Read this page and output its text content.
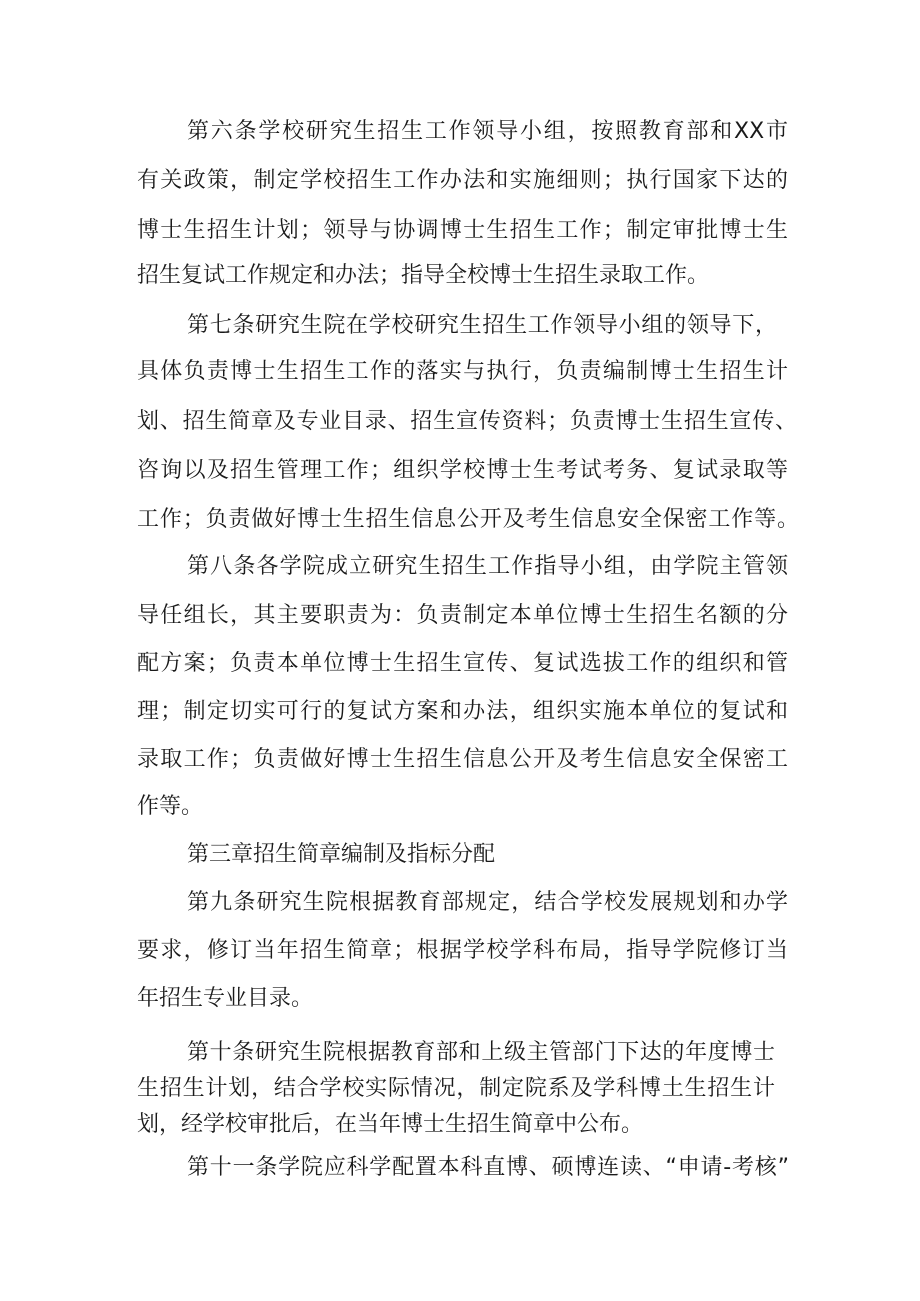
第六条学校研究生招生工作领导小组，按照教育部和XX市
有关政策，制定学校招生工作办法和实施细则；执行国家下达的
博士生招生计划；领导与协调博士生招生工作；制定审批博士生
招生复试工作规定和办法；指导全校博士生招生录取工作。
第七条研究生院在学校研究生招生工作领导小组的领导下，
具体负责博士生招生工作的落实与执行，负责编制博士生招生计
划、招生简章及专业目录、招生宣传资料；负责博士生招生宣传、
咨询以及招生管理工作；组织学校博士生考试考务、复试录取等
工作；负责做好博士生招生信息公开及考生信息安全保密工作等。
第八条各学院成立研究生招生工作指导小组，由学院主管领
导任组长，其主要职责为：负责制定本单位博士生招生名额的分
配方案；负责本单位博士生招生宣传、复试选拔工作的组织和管
理；制定切实可行的复试方案和办法，组织实施本单位的复试和
录取工作；负责做好博士生招生信息公开及考生信息安全保密工
作等。
第三章招生简章编制及指标分配
第九条研究生院根据教育部规定，结合学校发展规划和办学
要求，修订当年招生简章；根据学校学科布局，指导学院修订当
年招生专业目录。
第十条研究生院根据教育部和上级主管部门下达的年度博士
生招生计划，结合学校实际情况，制定院系及学科博土生招生计
划，经学校审批后，在当年博士生招生简章中公布。
第十一条学院应科学配置本科直博、硕博连读、“申请-考核”
